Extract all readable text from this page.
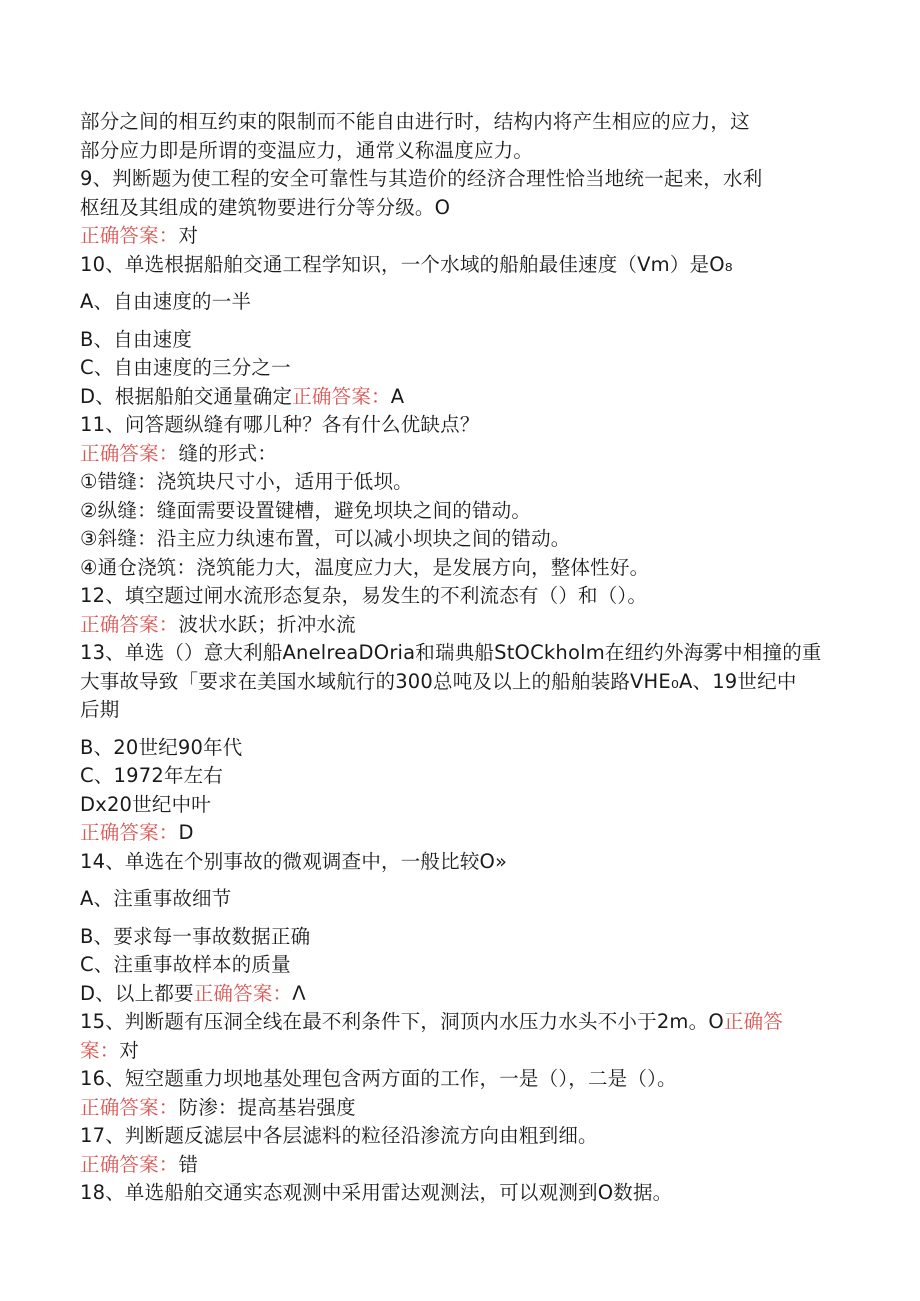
部分之间的相互约束的限制而不能自由进行时，结构内将产生相应的应力，这
部分应力即是所谓的变温应力，通常义称温度应力。
9、判断题为使工程的安全可靠性与其造价的经济合理性恰当地统一起来，水利
枢纽及其组成的建筑物要进行分等分级。O
正确答案：对
10、单选根据船舶交通工程学知识，一个水域的船舶最佳速度（Vm）是O₈
A、自由速度的一半
B、自由速度
C、自由速度的三分之一
D、根据船舶交通量确定正确答案：A
11、问答题纵缝有哪儿种？各有什么优缺点？
正确答案：缝的形式：
①错缝：浇筑块尺寸小，适用于低坝。
②纵缝：缝面需要设置键槽，避免坝块之间的错动。
③斜缝：沿主应力纨速布置，可以减小坝块之间的错动。
④通仓浇筑：浇筑能力大，温度应力大，是发展方向，整体性好。
12、填空题过闸水流形态复杂，易发生的不利流态有（）和（）。
正确答案：波状水跃；折冲水流
13、单选（）意大利船AnelreaDOria和瑞典船StOCkholm在纽约外海雾中相撞的重
大事故导致「要求在美国水域航行的300总吨及以上的船舶装路VHE₀A、19世纪中
后期
B、20世纪90年代
C、1972年左右
Dx20世纪中叶
正确答案：D
14、单选在个别事故的微观调查中，一般比较O»
A、注重事故细节
B、要求每一事故数据正确
C、注重事故样本的质量
D、以上都要正确答案：Λ
15、判断题有压洞全线在最不利条件下，洞顶内水压力水头不小于2m。O正确答
案：对
16、短空题重力坝地基处理包含两方面的工作，一是（），二是（）。
正确答案：防渗：提高基岩强度
17、判断题反滤层中各层滤料的粒径沿渗流方向由粗到细。
正确答案：错
18、单选船舶交通实态观测中采用雷达观测法，可以观测到O数据。
